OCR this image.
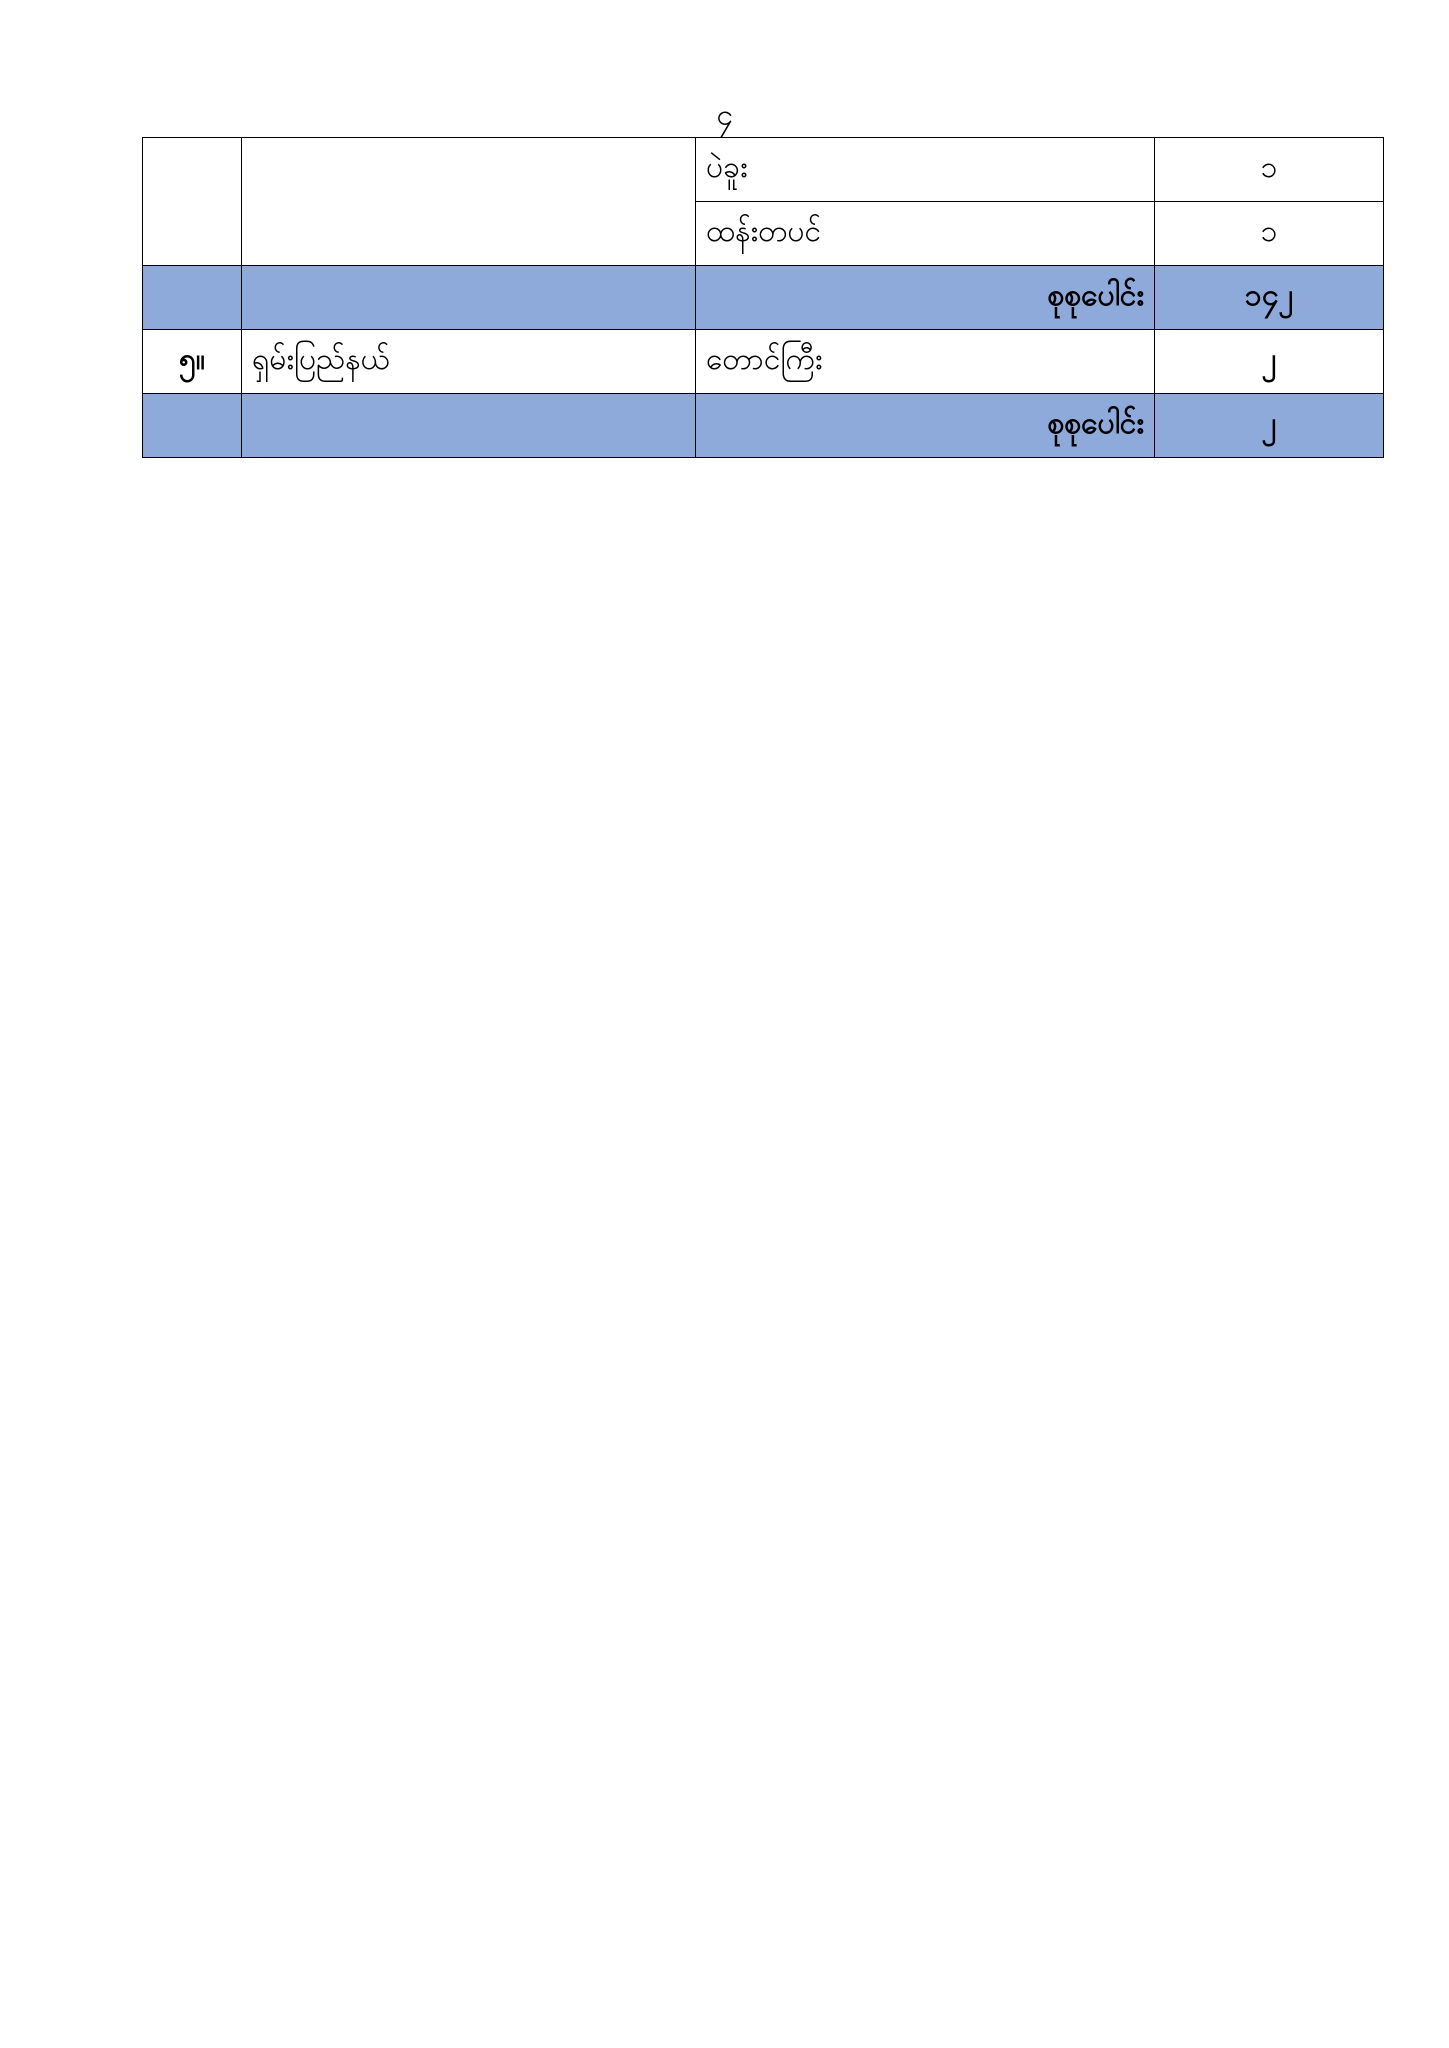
၄
		ပဲခူး	၁
		ထန်းတပင်	၁
		စုစုပေါင်း	၁၄၂
၅။	ရှမ်းပြည်နယ်	တောင်ကြီး	၂
		စုစုပေါင်း	၂
